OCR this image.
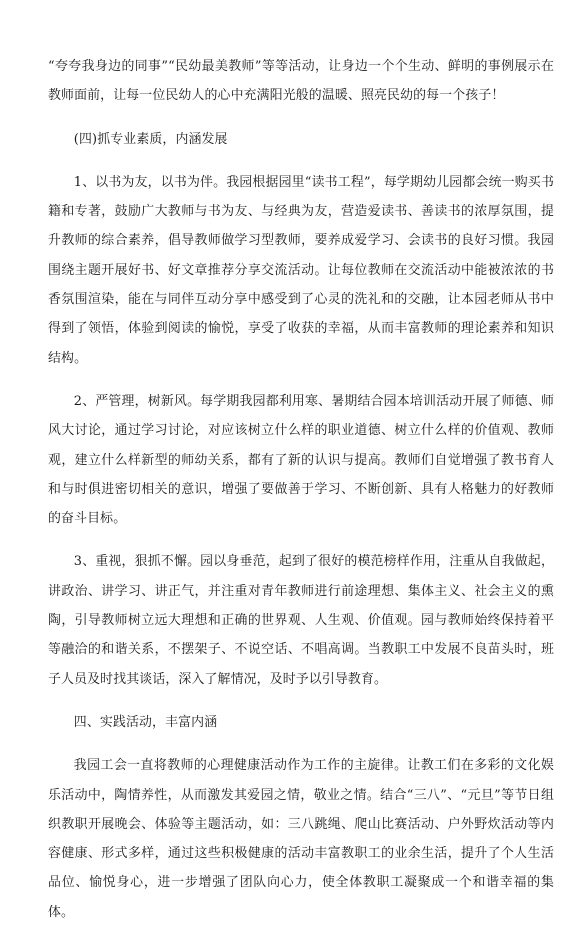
“夸夸我身边的同事”“民幼最美教师”等等活动，让身边一个个生动、鲜明的事例展示在教师面前，让每一位民幼人的心中充满阳光般的温暖、照亮民幼的每一个孩子！

(四)抓专业素质，内涵发展

1、以书为友，以书为伴。我园根据园里“读书工程”，每学期幼儿园都会统一购买书籍和专著，鼓励广大教师与书为友、与经典为友，营造爱读书、善读书的浓厚氛围，提升教师的综合素养，倡导教师做学习型教师，要养成爱学习、会读书的良好习惯。我园围绕主题开展好书、好文章推荐分享交流活动。让每位教师在交流活动中能被浓浓的书香氛围渲染，能在与同伴互动分享中感受到了心灵的洗礼和的交融，让本园老师从书中得到了领悟，体验到阅读的愉悦，享受了收获的幸福，从而丰富教师的理论素养和知识结构。

2、严管理，树新风。每学期我园都利用寒、暑期结合园本培训活动开展了师德、师风大讨论，通过学习讨论，对应该树立什么样的职业道德、树立什么样的价值观、教师观，建立什么样新型的师幼关系，都有了新的认识与提高。教师们自觉增强了教书育人和与时俱进密切相关的意识，增强了要做善于学习、不断创新、具有人格魅力的好教师的奋斗目标。

3、重视，狠抓不懈。园以身垂范，起到了很好的模范榜样作用，注重从自我做起，讲政治、讲学习、讲正气，并注重对青年教师进行前途理想、集体主义、社会主义的熏陶，引导教师树立远大理想和正确的世界观、人生观、价值观。园与教师始终保持着平等融洽的和谐关系，不摆架子、不说空话、不唱高调。当教职工中发展不良苗头时，班子人员及时找其谈话，深入了解情况，及时予以引导教育。

四、实践活动，丰富内涵

我园工会一直将教师的心理健康活动作为工作的主旋律。让教工们在多彩的文化娱乐活动中，陶情养性，从而激发其爱园之情，敬业之情。结合“三八”、“元旦”等节日组织教职开展晚会、体验等主题活动，如：三八跳绳、爬山比赛活动、户外野炊活动等内容健康、形式多样，通过这些积极健康的活动丰富教职工的业余生活，提升了个人生活品位、愉悦身心，进一步增强了团队向心力，使全体教职工凝聚成一个和谐幸福的集体。
